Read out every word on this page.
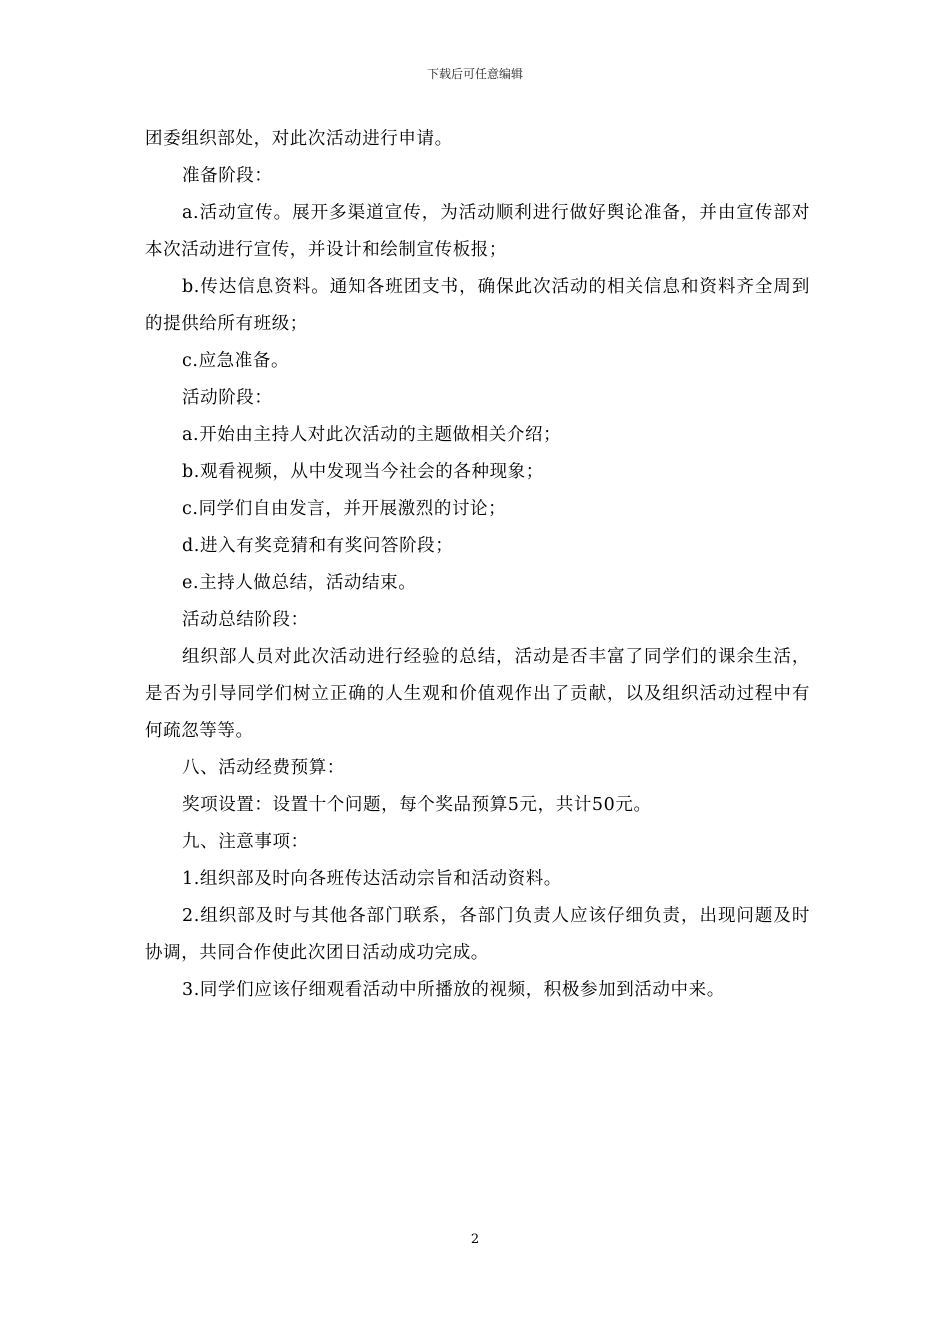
下载后可任意编辑

团委组织部处，对此次活动进行申请。

准备阶段：

a.活动宣传。展开多渠道宣传，为活动顺利进行做好舆论准备，并由宣传部对本次活动进行宣传，并设计和绘制宣传板报；

b.传达信息资料。通知各班团支书，确保此次活动的相关信息和资料齐全周到的提供给所有班级；

c.应急准备。

活动阶段：

a.开始由主持人对此次活动的主题做相关介绍；

b.观看视频，从中发现当今社会的各种现象；

c.同学们自由发言，并开展激烈的讨论；

d.进入有奖竞猜和有奖问答阶段；

e.主持人做总结，活动结束。

活动总结阶段：

组织部人员对此次活动进行经验的总结，活动是否丰富了同学们的课余生活，是否为引导同学们树立正确的人生观和价值观作出了贡献，以及组织活动过程中有何疏忽等等。

八、活动经费预算：

奖项设置：设置十个问题，每个奖品预算5元，共计50元。

九、注意事项：

1.组织部及时向各班传达活动宗旨和活动资料。

2.组织部及时与其他各部门联系，各部门负责人应该仔细负责，出现问题及时协调，共同合作使此次团日活动成功完成。

3.同学们应该仔细观看活动中所播放的视频，积极参加到活动中来。

2
